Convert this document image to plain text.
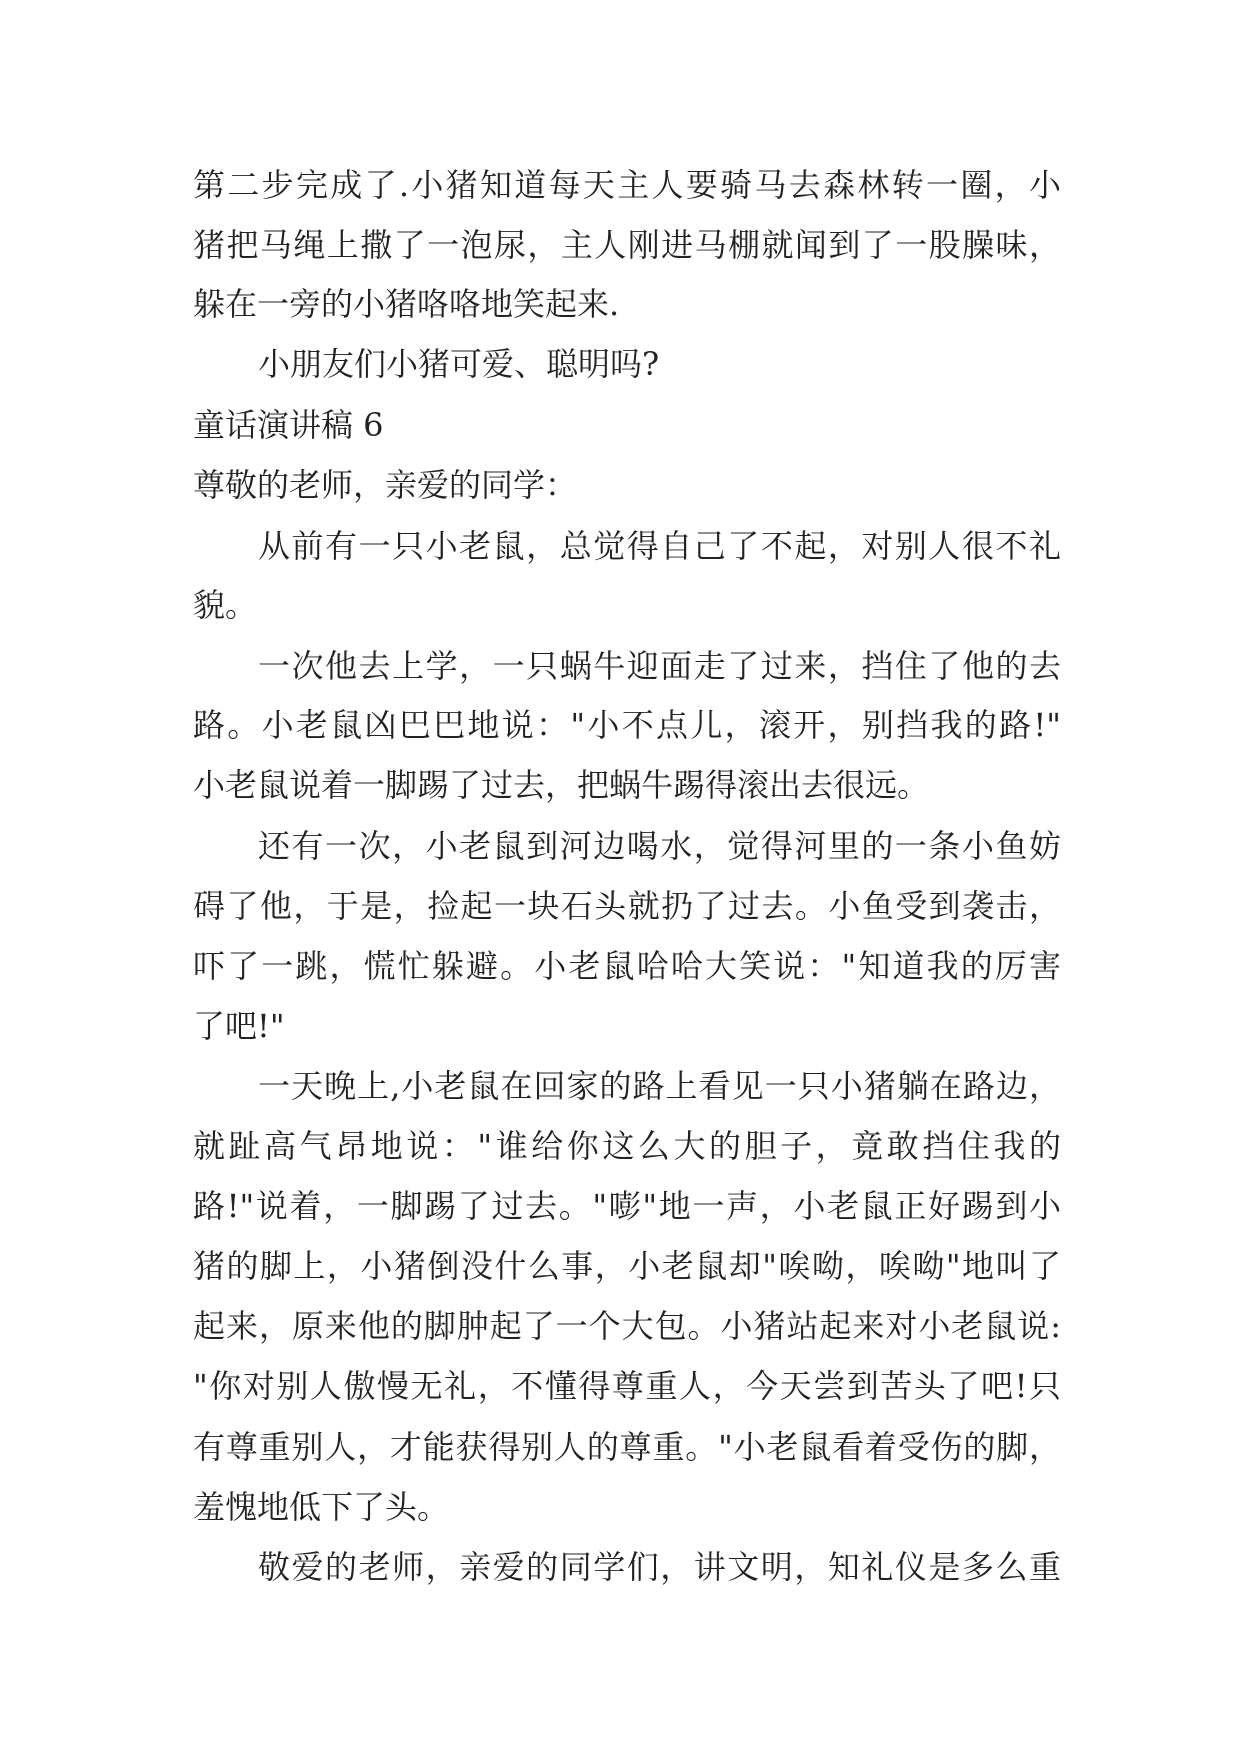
第二步完成了.小猪知道每天主人要骑马去森林转一圈，小
猪把马绳上撒了一泡尿，主人刚进马棚就闻到了一股臊味，
躲在一旁的小猪咯咯地笑起来.
小朋友们小猪可爱、聪明吗?
童话演讲稿 6
尊敬的老师，亲爱的同学：
从前有一只小老鼠，总觉得自己了不起，对别人很不礼
貌。
一次他去上学，一只蜗牛迎面走了过来，挡住了他的去
路。小老鼠凶巴巴地说："小不点儿，滚开，别挡我的路!"
小老鼠说着一脚踢了过去，把蜗牛踢得滚出去很远。
还有一次，小老鼠到河边喝水，觉得河里的一条小鱼妨
碍了他，于是，捡起一块石头就扔了过去。小鱼受到袭击，
吓了一跳，慌忙躲避。小老鼠哈哈大笑说："知道我的厉害
了吧!"
一天晚上,小老鼠在回家的路上看见一只小猪躺在路边，
就趾高气昂地说："谁给你这么大的胆子，竟敢挡住我的
路!"说着，一脚踢了过去。"嘭"地一声，小老鼠正好踢到小
猪的脚上，小猪倒没什么事，小老鼠却"唉呦，唉呦"地叫了
起来，原来他的脚肿起了一个大包。小猪站起来对小老鼠说:
"你对别人傲慢无礼，不懂得尊重人，今天尝到苦头了吧!只
有尊重别人，才能获得别人的尊重。"小老鼠看着受伤的脚，
羞愧地低下了头。
敬爱的老师，亲爱的同学们，讲文明，知礼仪是多么重
